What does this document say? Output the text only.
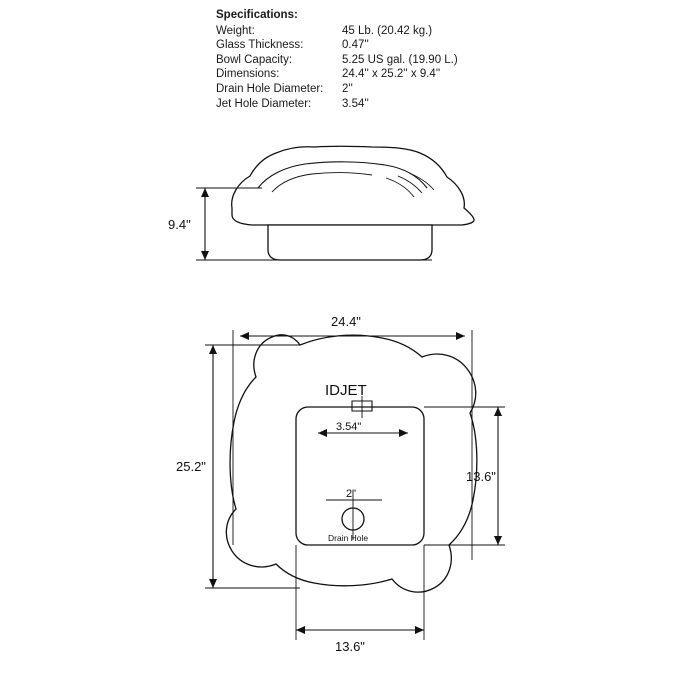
Specifications:
Weight:	45 Lb. (20.42 kg.)
Glass Thickness:	0.47''
Bowl Capacity:	5.25 US gal. (19.90 L.)
Dimensions:	24.4'' x 25.2'' x 9.4''
Drain Hole Diameter:	2''
Jet Hole Diameter:	3.54''
9.4"
3.54"
2"
Drain Hole
IDJET
24.4"
25.2"
13.6"
13.6"
